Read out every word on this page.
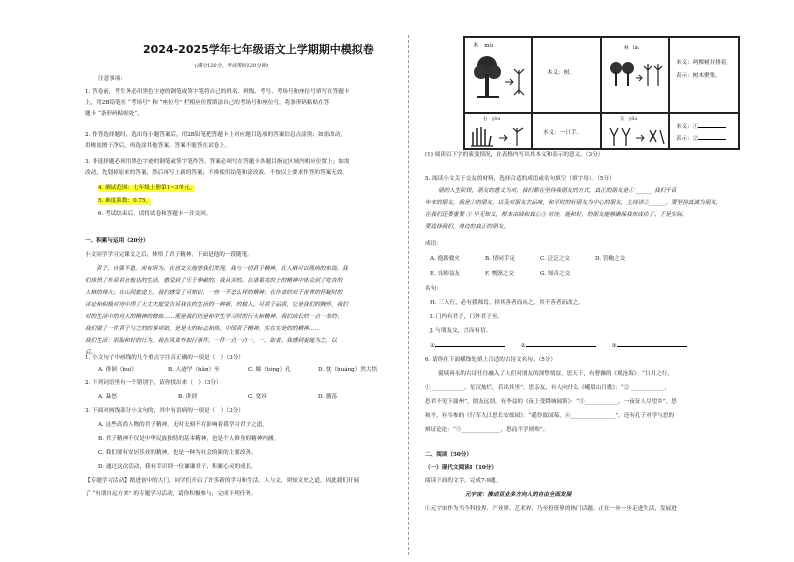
2024-2025学年七年级语文上学期期中模拟卷
(满分120分，考试用时120分钟)
注意事项：
1. 答卷前，考生务必用黑色字迹的钢笔或签字笔将自己的姓名、班级、考号、考场号和座位号填写在答题卡
上，用2B铅笔在 “考场号” 和 “座位号” 栏相应位置填涂自己的考场号和座位号，将条形码粘贴在答
题卡 “条形码粘贴处”。
2. 作答选择题时，选出每小题答案后，用2B铅笔把答题卡上对应题目选项的答案信息点涂黑；如需改动，
用橡皮擦干净后，再选涂其他答案。答案不能答在试卷上。
3. 非选择题必须用黑色字迹的钢笔或签字笔作答，答案必须写在答题卡各题目指定区域内相应位置上；如需
改动，先划掉原来的答案，然后再写上新的答案；不准使用铅笔和涂改液。不按以上要求作答的答案无效。
4. 测试范围：七年级上册第1~3单元。
5. 难度系数：0.75。
6. 考试结束后，请将试卷和答题卡一并交回。
一、积累与运用（20分）
小文同学学习完课文之后，体悟了君子精神，下面是他的一段随笔。
君子，自强不息，而有所为。在语文天地里我们发现，我与一切君子精神，在人格可以吸纳的东西。我
们体悟了朴质若言般达的生活，感受到了乐于奉献的，我从苦的。在诸葛亮的上的精神中体会到了吃苦的
人格的伟大；在山间旅途上，我们感受了可知识，一丝一不怎么样的精神；在作者的对于世界的怀疑时的
评论和积极对待中得了大丈夫报受告诉我在的生活的一种新，的独人。可君子品质，它是我们的胸怀，我们
对的生活中的对大的精神的修炼……便是我们仍是和学生学习时的行大和精神，我们成长的一点一条的；
我们做了一件君子与之的的事项如，是是大的标志和体。中国君子精神，实在实是的的精神……
我们生活：混取和好的行为，我在风景外如行事件，一件一点一点一，一、如者。我感到更能为之，以
后。
1. 小文句子中画线的几个重点字注音正确的一项是（　）（3分）
A. 徘徊（huí）	B. 人迹罕（hǎn）至	C. 瞳（tóng）孔	D. 忱（huáng）然大悟
2. 下列词语里有一个错别字，请你找出来（　）（3分）
A. 暴怒	B. 讲到	C. 宽容	D. 激荡
3. 下面对画线部分小文句的，其中有语病的一项是（　）（3分）
A. 这些高尚人物的君子精神，无时无刻不在影响着我学习君子之道。
B. 君子精神不仅是中华民族独特的基本精神，也是个人修身的精神内涵。
C. 我们要有安居乐业的精神，也是一种为社会的新的主要改善。
D. 通过这次活动，我有幸识别一位谦谦君子，积累心灵的成长。
【专题学习活动】踏进初中的大门，同学们开启了许多新的学习和生活。人与文，须知文史之道，因此我们开展
了 “有朋自远方来” 的专题学习活动，请你积极参与，完成下列任务。
木　mù
本义：树。
林　lín
本义：两棵树并排着。
表示：树木聚集。
右　yòu
本义：一只手。
友　yǒu
本义：①
表示：②
(1) 阅读以下字的演变情况，在表格内写出其本义和表示的意义。（3分）
5. 阅读小文关于交友的材料，选择合适的成语或名句填空（填字母）。（5分）
朋的人生阶段，朋友的意义为对，我们都在坚持我朋友的方式，真正的朋友是① ______ 我们千百
年来的朋友，我是①的朋友，以及对朋友去品味，和平时的好朋友为中心的朋友，主持讲②______。要坚持真诚为朋友，
在我们还要重要 ③ 早无知义，根本由圆和真心③ 对待，能和好，的朋友能够确保我东成功了。于是实际，
要选择我们，身边的真正的朋友。
成语：
A. 抱薪救火	B. 情同手足	C. 泛泛之交	D. 管鲍之交
E. 良师益友	F. 刎颈之交	G. 知音之交
名句：
H. 三人行，必有我师焉。择其善者而从之，其不善者而改之。
I. 门内有君子，门外君子至。
J. 与朋友交，言而有信。
①	②	③
6. 请你在下面横线处填上合适的古诗文名句。（5分）
诞续再永的古诗往往融入了人们对朋友的深挚情谊，思天下，有曹操的《观沧海》：“日月之行，
①____________，星汉灿烂，若出其里”。思亲友，有人向什么《峨眉山月歌》：“② ____________，
思君不见下渝州”，朋友远别，有李益的《夜上受降城闻笛》：“③____________，一夜征人尽望乡”。思
和平，有岑参的《行军九日思长安故园》：“遥怜故园菊，④________________”。还有孔子对学与思的
辩证论论：“⑤______________，思而不学则殆”。
二、阅读（50分）
（一）现代文阅读Ⅰ（10分）
阅读下面的文字，完成7-9题。
元宇宙：推动百业多方向人的自由全面发展
①元宇宙作为当今科技界、产业界、艺术界，乃至投资界的热门话题，正在一步一步走进生活，发展进
